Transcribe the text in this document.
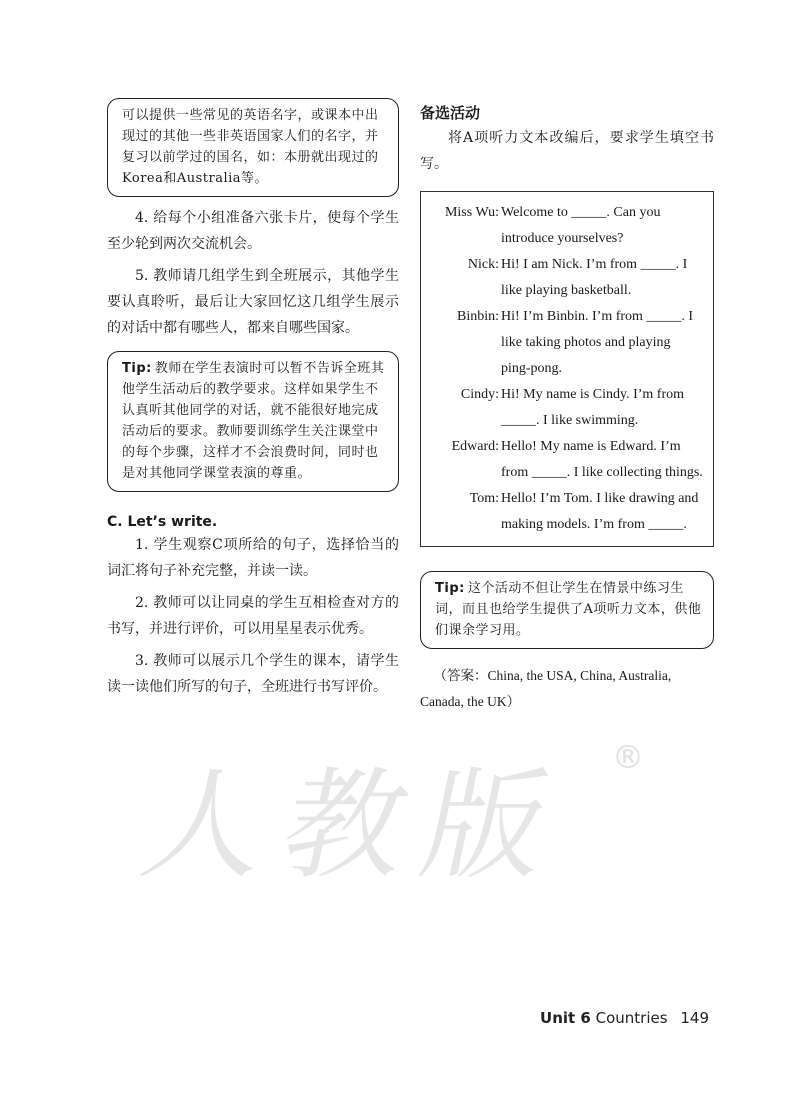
人教版 ®
可以提供一些常见的英语名字，或课本中出现过的其他一些非英语国家人们的名字，并复习以前学过的国名，如：本册就出现过的Korea和Australia等。

4. 给每个小组准备六张卡片，使每个学生至少轮到两次交流机会。

5. 教师请几组学生到全班展示，其他学生要认真聆听，最后让大家回忆这几组学生展示的对话中都有哪些人，都来自哪些国家。

Tip: 教师在学生表演时可以暂不告诉全班其他学生活动后的教学要求。这样如果学生不认真听其他同学的对话，就不能很好地完成活动后的要求。教师要训练学生关注课堂中的每个步骤，这样才不会浪费时间，同时也是对其他同学课堂表演的尊重。
C. Let’s write.

1. 学生观察C项所给的句子，选择恰当的词汇将句子补充完整，并读一读。

2. 教师可以让同桌的学生互相检查对方的书写，并进行评价，可以用星星表示优秀。

3. 教师可以展示几个学生的课本，请学生读一读他们所写的句子，全班进行书写评价。

备选活动

将A项听力文本改编后，要求学生填空书写。

Miss Wu: Welcome to _____. Can you introduce yourselves?
Nick: Hi! I am Nick. I’m from _____. I like playing basketball.
Binbin: Hi! I’m Binbin. I’m from _____. I like taking photos and playing ping-pong.
Cindy: Hi! My name is Cindy. I’m from _____. I like swimming.
Edward: Hello! My name is Edward. I’m from _____. I like collecting things.
Tom: Hello! I’m Tom. I like drawing and making models. I’m from _____.
Tip: 这个活动不但让学生在情景中练习生词，而且也给学生提供了A项听力文本，供他们课余学习用。
（答案：China, the USA, China, Australia, Canada, the UK）
Unit 6 Countries 149
